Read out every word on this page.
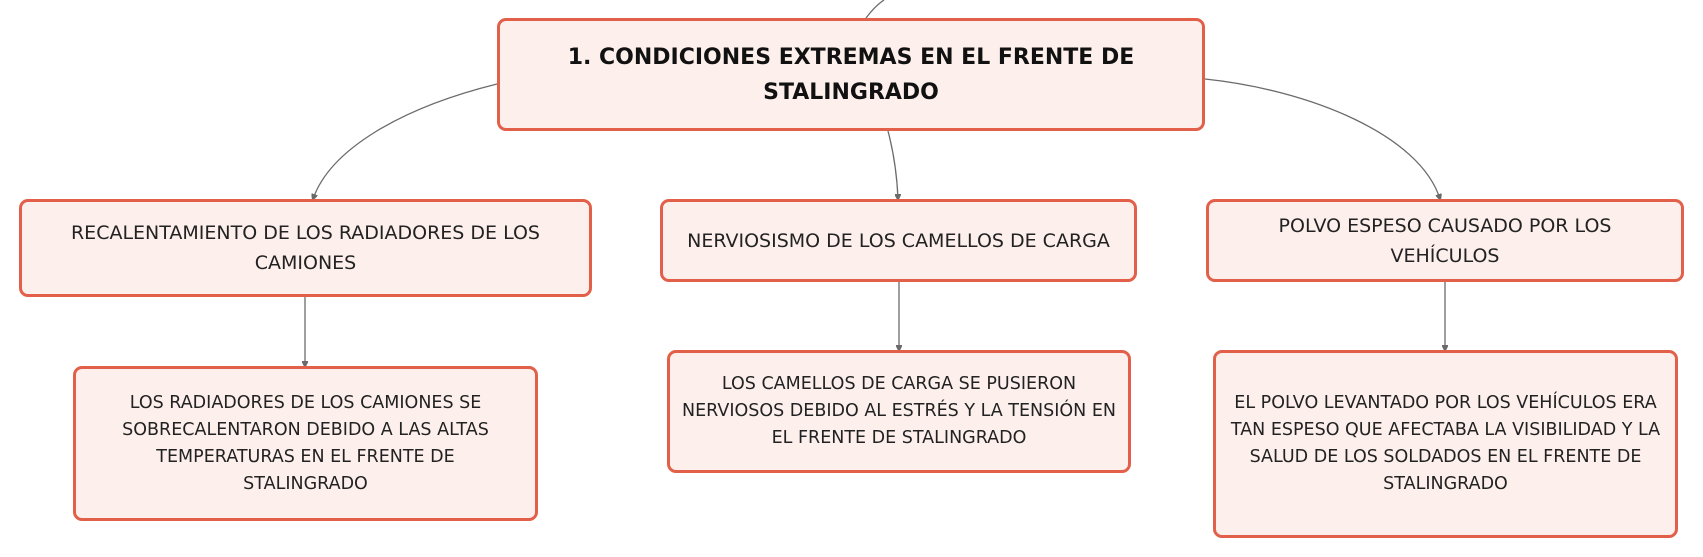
1. CONDICIONES EXTREMAS EN EL FRENTE DE STALINGRADO
RECALENTAMIENTO DE LOS RADIADORES DE LOS CAMIONES
NERVIOSISMO DE LOS CAMELLOS DE CARGA
POLVO ESPESO CAUSADO POR LOS VEHÍCULOS
LOS RADIADORES DE LOS CAMIONES SE SOBRECALENTARON DEBIDO A LAS ALTAS TEMPERATURAS EN EL FRENTE DE STALINGRADO
LOS CAMELLOS DE CARGA SE PUSIERON NERVIOSOS DEBIDO AL ESTRÉS Y LA TENSIÓN EN EL FRENTE DE STALINGRADO
EL POLVO LEVANTADO POR LOS VEHÍCULOS ERA TAN ESPESO QUE AFECTABA LA VISIBILIDAD Y LA SALUD DE LOS SOLDADOS EN EL FRENTE DE STALINGRADO
